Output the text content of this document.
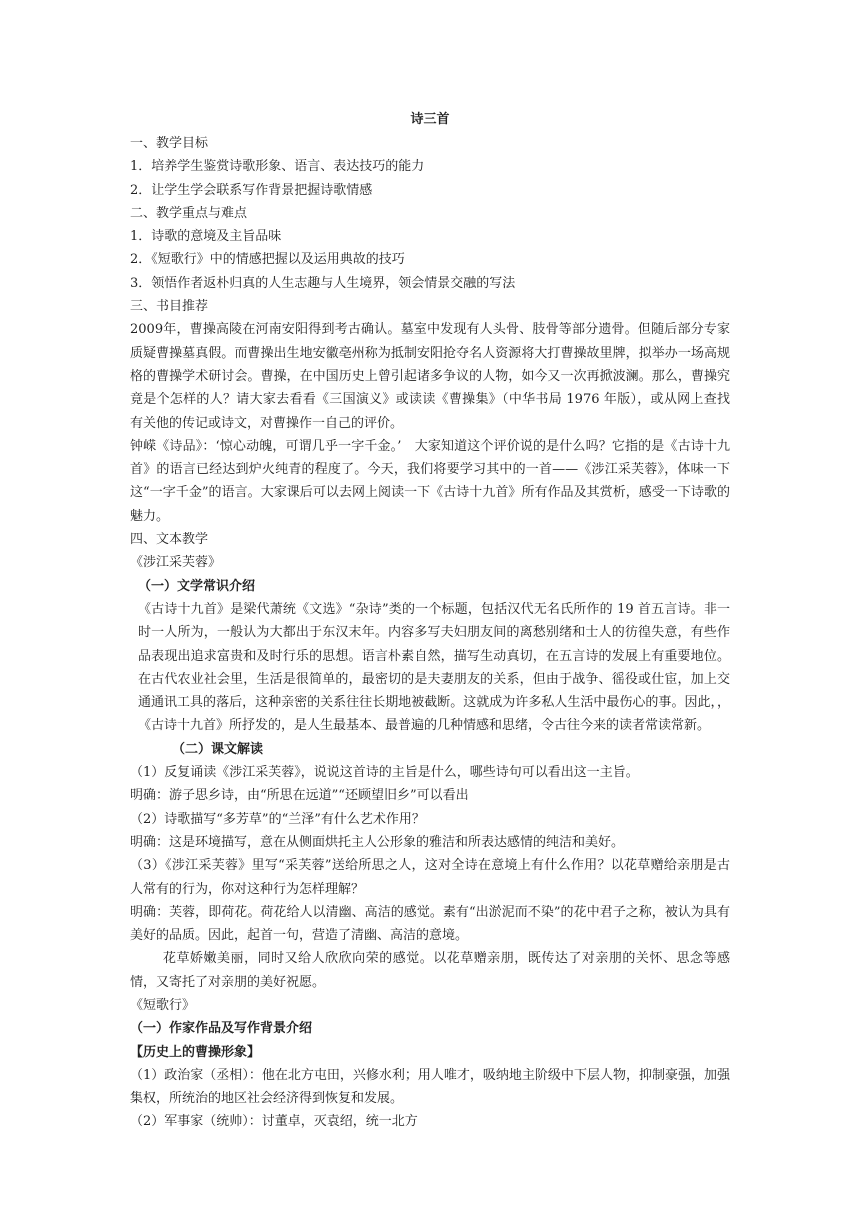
诗三首
一、教学目标
1．培养学生鉴赏诗歌形象、语言、表达技巧的能力
2．让学生学会联系写作背景把握诗歌情感
二、教学重点与难点
1．诗歌的意境及主旨品味
2．《短歌行》中的情感把握以及运用典故的技巧
3．领悟作者返朴归真的人生志趣与人生境界，领会情景交融的写法
三、书目推荐
2009年，曹操高陵在河南安阳得到考古确认。墓室中发现有人头骨、肢骨等部分遗骨。但随后部分专家质疑曹操墓真假。而曹操出生地安徽亳州称为抵制安阳抢夺名人资源将大打曹操故里牌，拟举办一场高规格的曹操学术研讨会。曹操，在中国历史上曾引起诸多争议的人物，如今又一次再掀波澜。那么，曹操究竟是个怎样的人？请大家去看看《三国演义》或读读《曹操集》（中华书局 1976 年版），或从网上查找有关他的传记或诗文，对曹操作一自己的评价。
钟嵘《诗品》：‘惊心动魄，可谓几乎一字千金。’　大家知道这个评价说的是什么吗？它指的是《古诗十九首》的语言已经达到炉火纯青的程度了。今天，我们将要学习其中的一首——《涉江采芙蓉》，体味一下这“一字千金”的语言。大家课后可以去网上阅读一下《古诗十九首》所有作品及其赏析，感受一下诗歌的魅力。
四、文本教学
《涉江采芙蓉》
（一）文学常识介绍
《古诗十九首》是梁代萧统《文选》“杂诗”类的一个标题，包括汉代无名氏所作的 19 首五言诗。非一时一人所为，一般认为大都出于东汉末年。内容多写夫妇朋友间的离愁别绪和士人的彷徨失意，有些作品表现出追求富贵和及时行乐的思想。语言朴素自然，描写生动真切，在五言诗的发展上有重要地位。在古代农业社会里，生活是很简单的，最密切的是夫妻朋友的关系，但由于战争、徭役或仕宦，加上交通通讯工具的落后，这种亲密的关系往往长期地被截断。这就成为许多私人生活中最伤心的事。因此，，《古诗十九首》所抒发的，是人生最基本、最普遍的几种情感和思绪，令古往今来的读者常读常新。
（二）课文解读
（1）反复诵读《涉江采芙蓉》，说说这首诗的主旨是什么，哪些诗句可以看出这一主旨。
明确：游子思乡诗，由“所思在远道”“还顾望旧乡”可以看出
（2）诗歌描写“多芳草”的“兰泽”有什么艺术作用？
明确：这是环境描写，意在从侧面烘托主人公形象的雅洁和所表达感情的纯洁和美好。
（3）《涉江采芙蓉》里写“采芙蓉”送给所思之人，这对全诗在意境上有什么作用？以花草赠给亲朋是古人常有的行为，你对这种行为怎样理解？
明确：芙蓉，即荷花。荷花给人以清幽、高洁的感觉。素有“出淤泥而不染”的花中君子之称，被认为具有美好的品质。因此，起首一句，营造了清幽、高洁的意境。
花草娇嫩美丽，同时又给人欣欣向荣的感觉。以花草赠亲朋，既传达了对亲朋的关怀、思念等感情，又寄托了对亲朋的美好祝愿。
《短歌行》
（一）作家作品及写作背景介绍
【历史上的曹操形象】
（1）政治家（丞相）：他在北方屯田，兴修水利；用人唯才，吸纳地主阶级中下层人物，抑制豪强，加强集权，所统治的地区社会经济得到恢复和发展。
（2）军事家（统帅）：讨董卓，灭袁绍，统一北方
